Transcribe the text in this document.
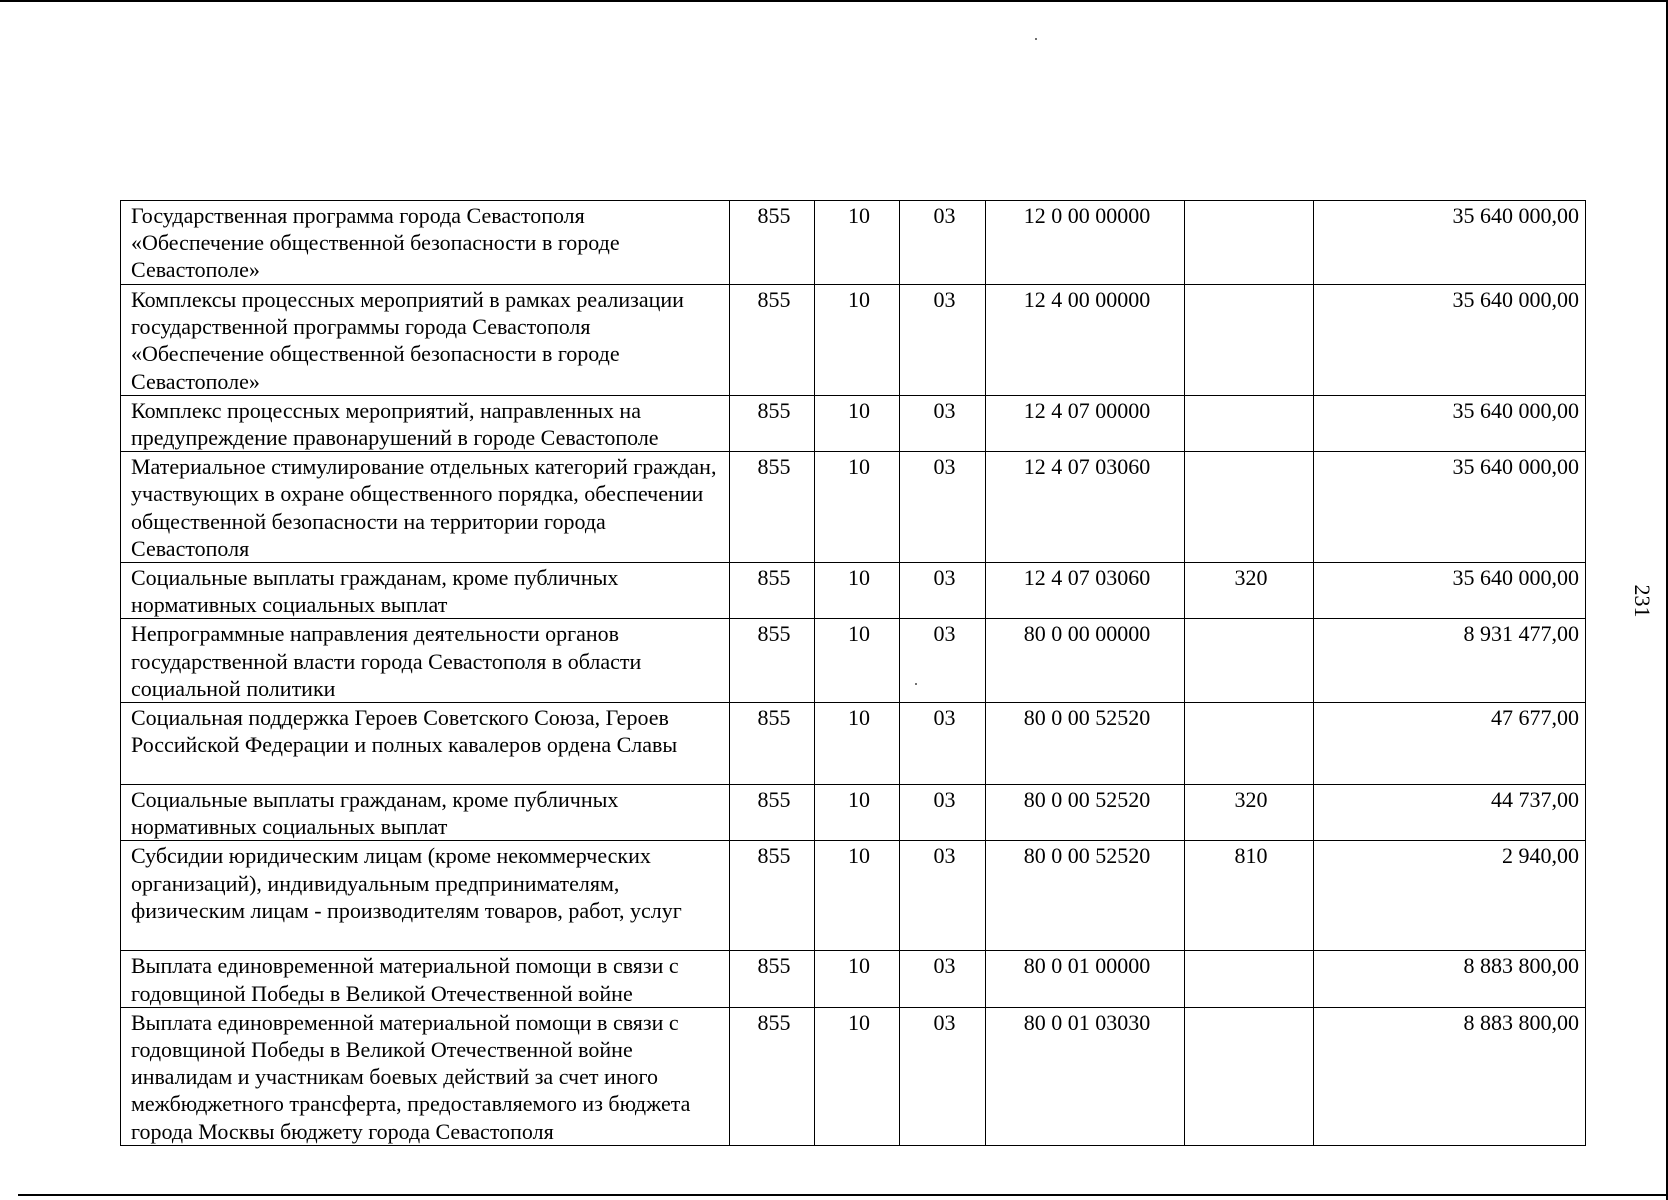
Государственная программа города Севастополя «Обеспечение общественной безопасности в городе Севастополе»	855	10	03	12 0 00 00000		35 640 000,00
Комплексы процессных мероприятий в рамках реализации государственной программы города Севастополя «Обеспечение общественной безопасности в городе Севастополе»	855	10	03	12 4 00 00000		35 640 000,00
Комплекс процессных мероприятий, направленных на предупреждение правонарушений в городе Севастополе	855	10	03	12 4 07 00000		35 640 000,00
Материальное стимулирование отдельных категорий граждан, участвующих в охране общественного порядка, обеспечении общественной безопасности на территории города Севастополя	855	10	03	12 4 07 03060		35 640 000,00
Социальные выплаты гражданам, кроме публичных нормативных социальных выплат	855	10	03	12 4 07 03060	320	35 640 000,00
Непрограммные направления деятельности органов государственной власти города Севастополя в области социальной политики	855	10	03	80 0 00 00000		8 931 477,00
Социальная поддержка Героев Советского Союза, Героев Российской Федерации и полных кавалеров ордена Славы	855	10	03	80 0 00 52520		47 677,00
Социальные выплаты гражданам, кроме публичных нормативных социальных выплат	855	10	03	80 0 00 52520	320	44 737,00
Субсидии юридическим лицам (кроме некоммерческих организаций), индивидуальным предпринимателям, физическим лицам - производителям товаров, работ, услуг	855	10	03	80 0 00 52520	810	2 940,00
Выплата единовременной материальной помощи в связи с годовщиной Победы в Великой Отечественной войне	855	10	03	80 0 01 00000		8 883 800,00
Выплата единовременной материальной помощи в связи с годовщиной Победы в Великой Отечественной войне инвалидам и участникам боевых действий за счет иного межбюджетного трансферта, предоставляемого из бюджета города Москвы бюджету города Севастополя	855	10	03	80 0 01 03030		8 883 800,00
231
